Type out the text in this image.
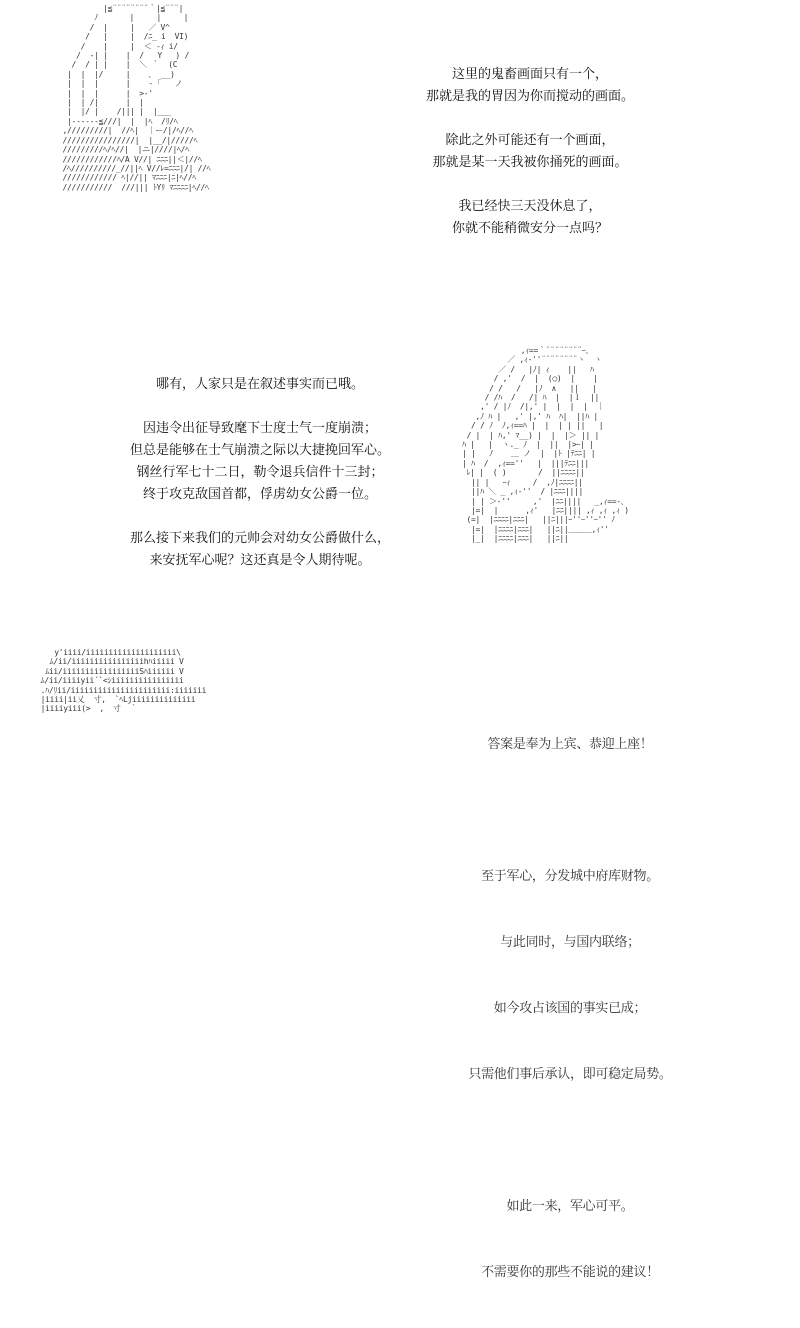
|≦¨¨¨¨¨¨¨¨｀|≦¨¨¨|
ﾉ       |     |     |
/  |     |   ／ V^
/   |     |  /ﾆ_ i  VI)
/    |     |  ＜ -ｨ i/
/  -| |    |  /   Y   ) /
/  / | |    |  ＼ ｀  (C
|  |  |/     |    ､  __)
|  |  |      |    - ｢   ノ
|  |  |      |  >-'
|  | /|      |  |
|  |/ |    /||| |  |___
|------≦///|  |  |ﾍ  /ﾘ/ﾍ
,/////////|  //ﾍ|  ｜ー/|/ﾍ//ﾍ
////////////////|  |__/|/////ﾍ
/////////ﾍ/ﾍ//|  |ニ|////|ﾍ/ﾍ
////////////ﾊ/A V//| ﾆﾆﾆ||＜|//ﾍ
/ﾍ//////////_//||ﾍ V//ﾚ=ﾆﾆﾆ|/| //ﾍ
//////////// ﾍ|//|| ﾏﾆﾆﾆ|ﾆ|ﾍ//ﾍ
///////////  ///||| ﾄYﾘ ﾏﾆﾆﾆﾆ|ﾍ//ﾍ
这里的鬼畜画面只有一个，
那就是我的胃因为你而搅动的画面。
除此之外可能还有一个画面，
那就是某一天我被你捅死的画面。
我已经快三天没休息了，
你就不能稍微安分一点吗？
哪有，人家只是在叙述事实而已哦。
因违令出征导致麾下士度士气一度崩溃；
但总是能够在士气崩溃之际以大捷挽回军心。
钢丝行军七十二日，勒令退兵信件十三封；
终于攻克敌国首都，俘虏幼女公爵一位。
那么接下来我们的元帅会对幼女公爵做什么，
来安抚军心呢？这还真是令人期待呢。
,ｨ==｀¨¨¨¨¨¨¨¨ｰ､
／ ,ｨ‐''¨¨¨¨¨¨¨¨ヽ  ヽ
／ /   |ﾉ| ｨ    ||   ﾊ
/ ,'  /  |  (○)  |    |
/ /   /   |ﾉ  ∧   ||   |
/ /ﾊ  /   /| ﾊ  |  |ｌ  ||
,' / |ﾉ  /|,' |  |  |  |  ｜
,ﾉ ﾊ |   ,' |,' ﾊ  ﾊ|  ||ﾊ |
/ / ﾉ  ﾉ,ｨ==ﾊ |  |  | | ||   |
/ |  | ﾊ,' ﾏ__) |  |  |＞ || |
ﾊ |   |  ヽ._ ﾉ  |  ||  |>ｰ| |
| |   ﾉ    ＿ ノ  |  |ﾄ |ﾃﾆﾆ| |
| ﾊ  /  ,ｨ==''   |  |||ﾃﾆﾆ|||
ﾚ| |  ( )       /  ||ﾆﾆﾆﾆ||
|| |   ｰｨ     /  ,ﾉ|ﾆﾆﾆﾆ||
||ﾊ ＼ _ ,ｨ‐''  / |ﾆﾆﾆ||||
| | ＞‐''     ,'  |ﾆﾆ||||   _,ｨ==-､
|=|  |      ,ｨ'   |ﾆﾆ|||| ,ｨ ,ｨ ,ｨ )
(=|  |ﾆﾆﾆﾆ|ﾆﾆﾆ|   ||ﾆ|||ｰ''ｰ''ｰ'' ﾉ
|=|  |ﾆﾆﾆﾆ|ﾆﾆﾆ|   ||ﾆ||＿＿＿,ｨ''
|_|  |ﾆﾆﾆﾆ|ﾆﾆﾆ|   ||ﾆ||
y'iiii/iiiiiiiiiiiiiiiiiiii\
ﾑ/ii/iiiiiiiiiiiiiiiihﾊiiiii V
ﾑii/iiiiiiiiiiiiiiiiiSﾊiiiiii V
ﾑ/ii/iiiiyii´`<ｼiiiiiiiiiiiiiiii
.ﾊ/ﾘii/iiiiiiiiiiiiiiiiiiiiii:iiiiiii
|iiii|ii乂  寸,  `ﾍLjiiiiiiiiiiiiii
|iiiiyiii(>  ,  寸  ｀

答案是奉为上宾、恭迎上座！

至于军心，分发城中府库财物。

与此同时，与国内联络；

如今攻占该国的事实已成；

只需他们事后承认，即可稳定局势。

如此一来，军心可平。

不需要你的那些不能说的建议！
